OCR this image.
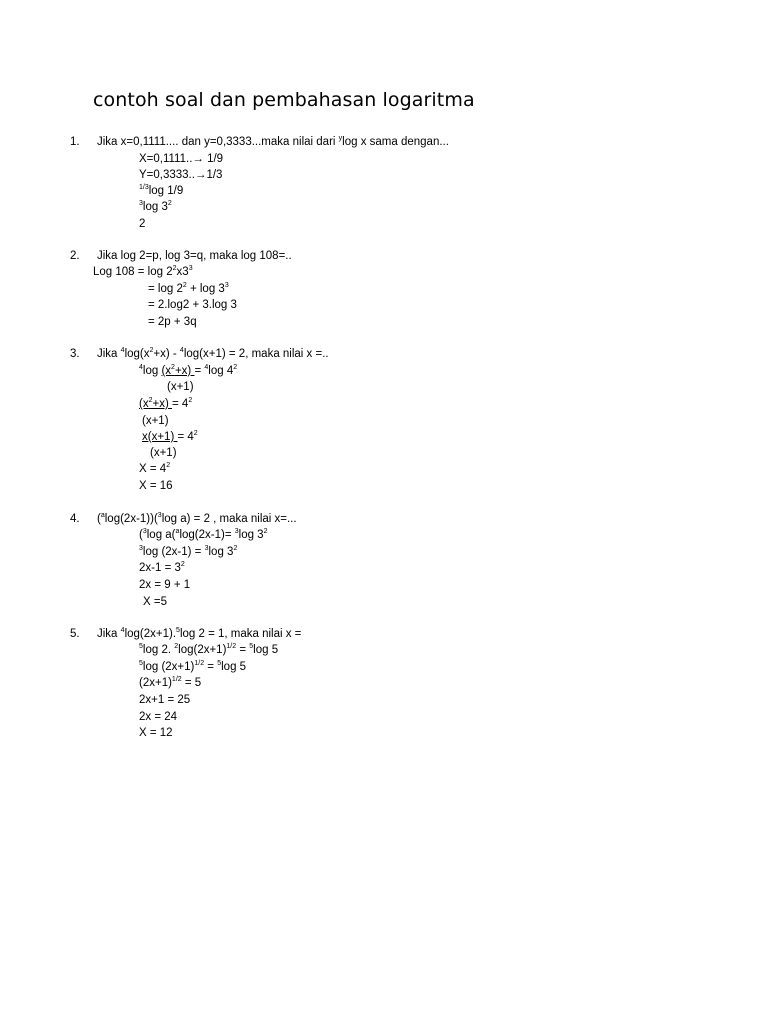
contoh soal dan pembahasan logaritma
1. Jika x=0,1111.... dan y=0,3333...maka nilai dari $^y$log x sama dengan...
X=0,1111..→ 1/9
Y=0,3333..→1/3
$^{1/3}$log 1/9
$^3$log $3^2$
2
2. Jika log 2=p, log 3=q, maka log 108=..
Log $108 = \log 2^2x3^3$
= $\log 2^2 + \log 3^3$
= 2.log2 + 3.log 3
= 2p + 3q
3. Jika $^4\log(x^2+x) - ^4\log(x+1) = 2$, maka nilai x =..
$^4$log $(x^2+x) = ^4\log$ $4^2$
(x+1)
$(x^2+x) = 4^2$
(x+1)
$x(x+1) = 4^2$
(x+1)
$X = 4^2$
X = 16
4. ($^a$log(2x-1))($^3$log a) = 2 , maka nilai x=...
($^3$log a($^a$log(2x-1)= $^3$log $3^2$
$^3$log (2x-1) = $^3$log $3^2$
$2x-1 = 3^2$
2x = 9 + 1
X =5
5. Jika $^4$log(2x+1).$^5$log 2 = 1, maka nilai x =
$^5$log 2. $^2\log(2x+1)^{1/2} = ^5\log$ 5
$^5$log $(2x+1)^{1/2} = ^5\log$ 5
$(2x+1)^{1/2} = 5$
2x+1 = 25
2x = 24
X = 12
